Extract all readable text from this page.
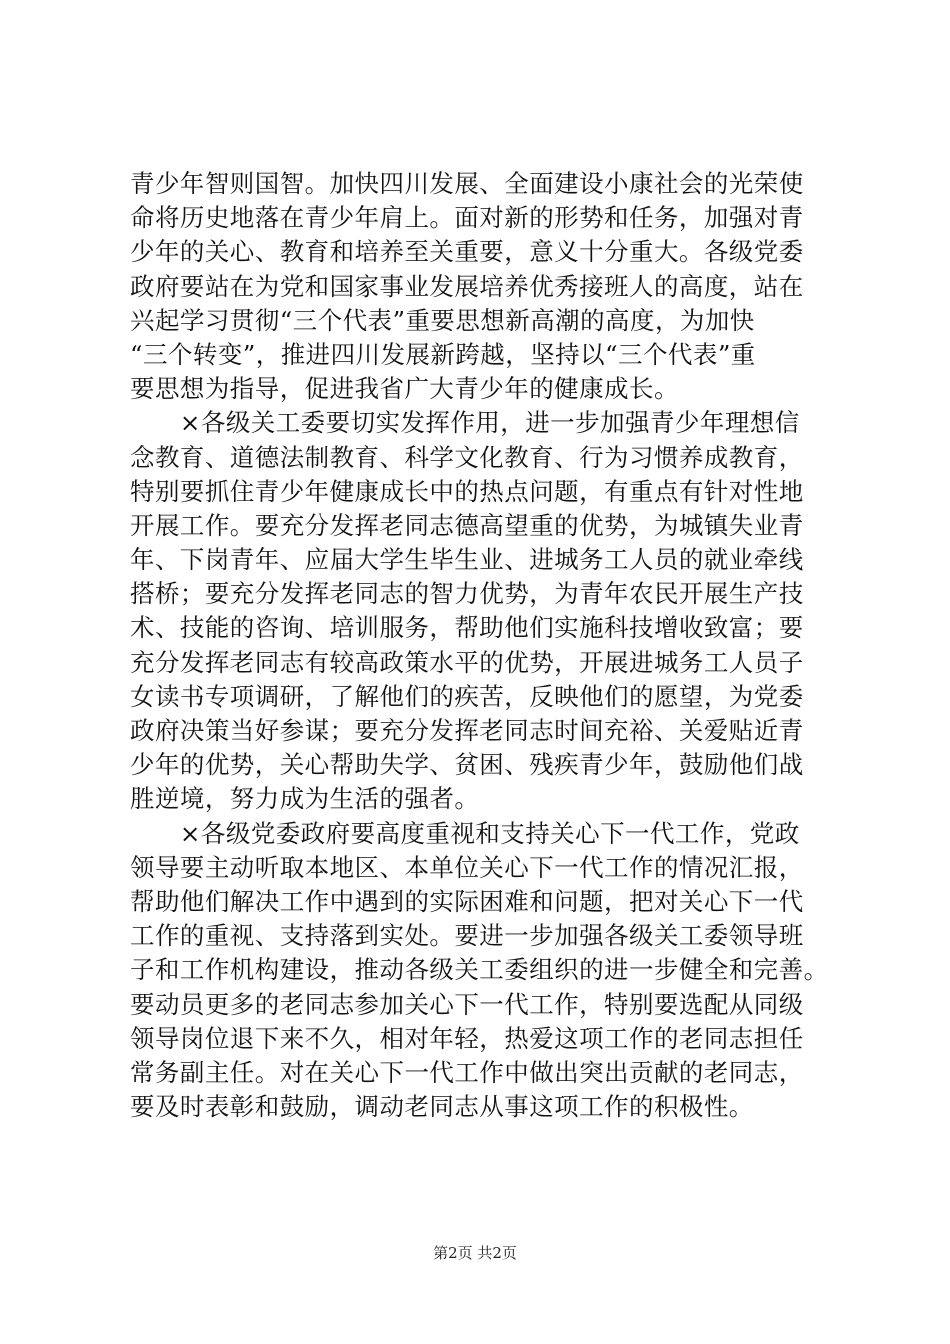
青少年智则国智。加快四川发展、全面建设小康社会的光荣使
命将历史地落在青少年肩上。面对新的形势和任务，加强对青
少年的关心、教育和培养至关重要，意义十分重大。各级党委
政府要站在为党和国家事业发展培养优秀接班人的高度，站在
兴起学习贯彻“三个代表”重要思想新高潮的高度，为加快
“三个转变”，推进四川发展新跨越，坚持以“三个代表”重
要思想为指导，促进我省广大青少年的健康成长。
　　×各级关工委要切实发挥作用，进一步加强青少年理想信
念教育、道德法制教育、科学文化教育、行为习惯养成教育，
特别要抓住青少年健康成长中的热点问题，有重点有针对性地
开展工作。要充分发挥老同志德高望重的优势，为城镇失业青
年、下岗青年、应届大学生毕生业、进城务工人员的就业牵线
搭桥；要充分发挥老同志的智力优势，为青年农民开展生产技
术、技能的咨询、培训服务，帮助他们实施科技增收致富；要
充分发挥老同志有较高政策水平的优势，开展进城务工人员子
女读书专项调研，了解他们的疾苦，反映他们的愿望，为党委
政府决策当好参谋；要充分发挥老同志时间充裕、关爱贴近青
少年的优势，关心帮助失学、贫困、残疾青少年，鼓励他们战
胜逆境，努力成为生活的强者。
　　×各级党委政府要高度重视和支持关心下一代工作，党政
领导要主动听取本地区、本单位关心下一代工作的情况汇报，
帮助他们解决工作中遇到的实际困难和问题，把对关心下一代
工作的重视、支持落到实处。要进一步加强各级关工委领导班
子和工作机构建设，推动各级关工委组织的进一步健全和完善。
要动员更多的老同志参加关心下一代工作，特别要选配从同级
领导岗位退下来不久，相对年轻，热爱这项工作的老同志担任
常务副主任。对在关心下一代工作中做出突出贡献的老同志，
要及时表彰和鼓励，调动老同志从事这项工作的积极性。
第2页 共2页
